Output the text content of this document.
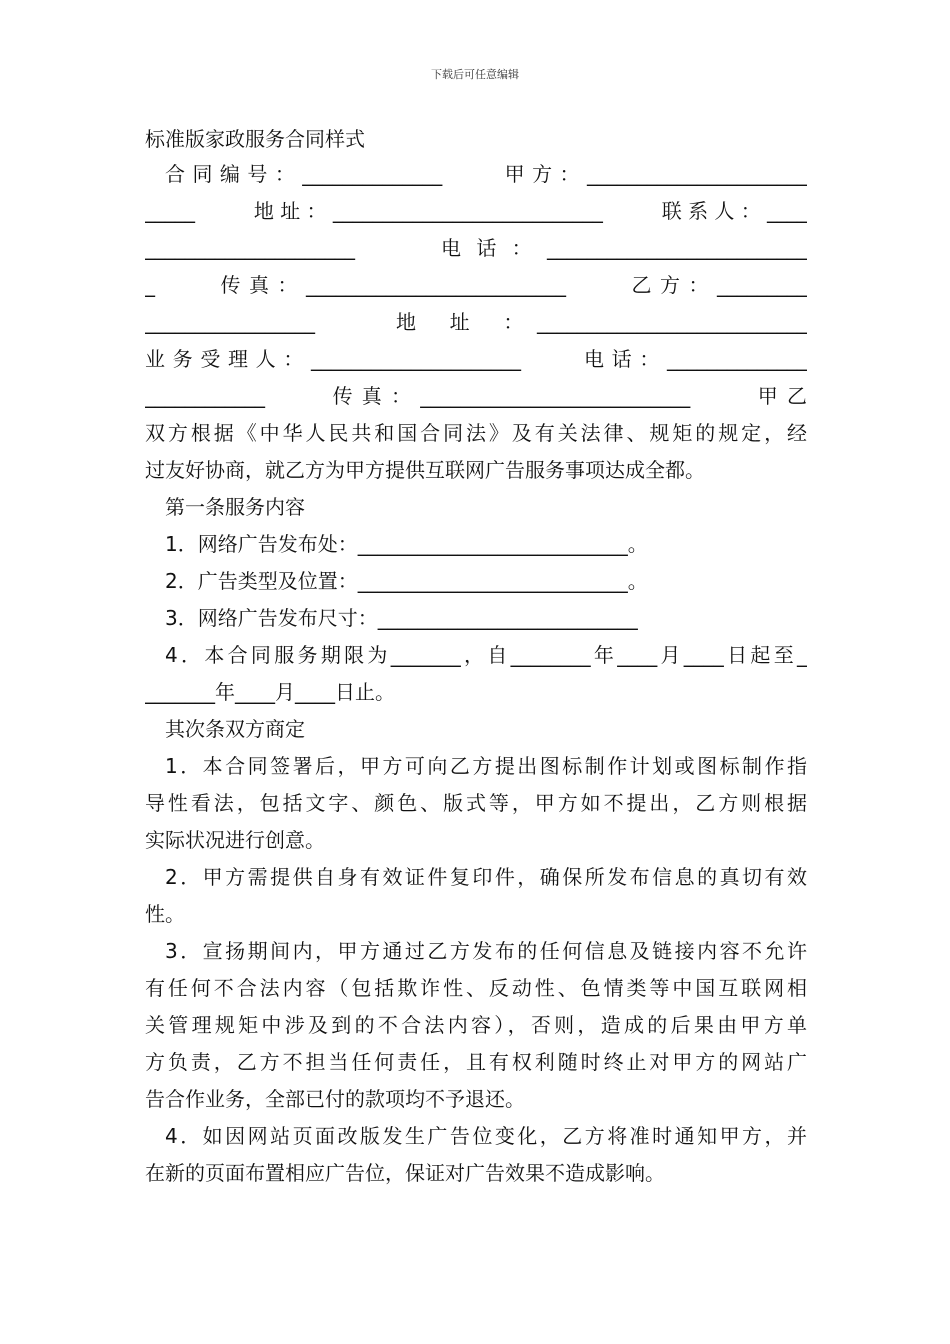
下载后可任意编辑
标准版家政服务合同样式
合同编号：______________　　甲方：______________________
_____　　地址：___________________________　　联系人：____
_____________________　　电话：__________________________
_　　传真：__________________________　　乙方：_________
_________________　　地 址 ：___________________________
业务受理人：_____________________　　电话：______________
____________　　传真：___________________________　　甲乙
双方根据《中华人民共和国合同法》及有关法律、规矩的规定，经
过友好协商，就乙方为甲方提供互联网广告服务事项达成全都。
第一条服务内容
1．网络广告发布处：___________________________。
2．广告类型及位置：___________________________。
3．网络广告发布尺寸：__________________________
4．本合同服务期限为_______，自________年____月____日起至_
_______年____月____日止。
其次条双方商定
1．本合同签署后，甲方可向乙方提出图标制作计划或图标制作指
导性看法，包括文字、颜色、版式等，甲方如不提出，乙方则根据
实际状况进行创意。
2．甲方需提供自身有效证件复印件，确保所发布信息的真切有效
性。
3．宣扬期间内，甲方通过乙方发布的任何信息及链接内容不允许
有任何不合法内容（包括欺诈性、反动性、色情类等中国互联网相
关管理规矩中涉及到的不合法内容），否则，造成的后果由甲方单
方负责，乙方不担当任何责任，且有权利随时终止对甲方的网站广
告合作业务，全部已付的款项均不予退还。
4．如因网站页面改版发生广告位变化，乙方将准时通知甲方，并
在新的页面布置相应广告位，保证对广告效果不造成影响。
